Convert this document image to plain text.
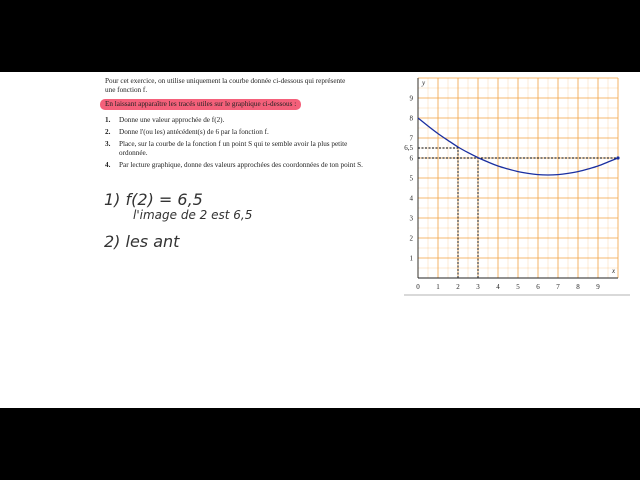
Pour cet exercice, on utilise uniquement la courbe donnée ci-dessous qui représente

une fonction f.

En laissant apparaître les tracés utiles sur le graphique ci-dessous :
1. Donne une valeur approchée de f(2).
2. Donne l'(ou les) antécédent(s) de 6 par la fonction f.
3. Place, sur la courbe de la fonction f un point S qui te semble avoir la plus petite ordonnée.
4. Par lecture graphique, donne des valeurs approchées des coordonnées de ton point S.
1) f(2) = 6,5
l'image de 2 est 6,5
2) les ant
x
y
0 1 2 3 4 5 6 7 8 9
1
2
3
4
5
6
7
8
9
6,5
